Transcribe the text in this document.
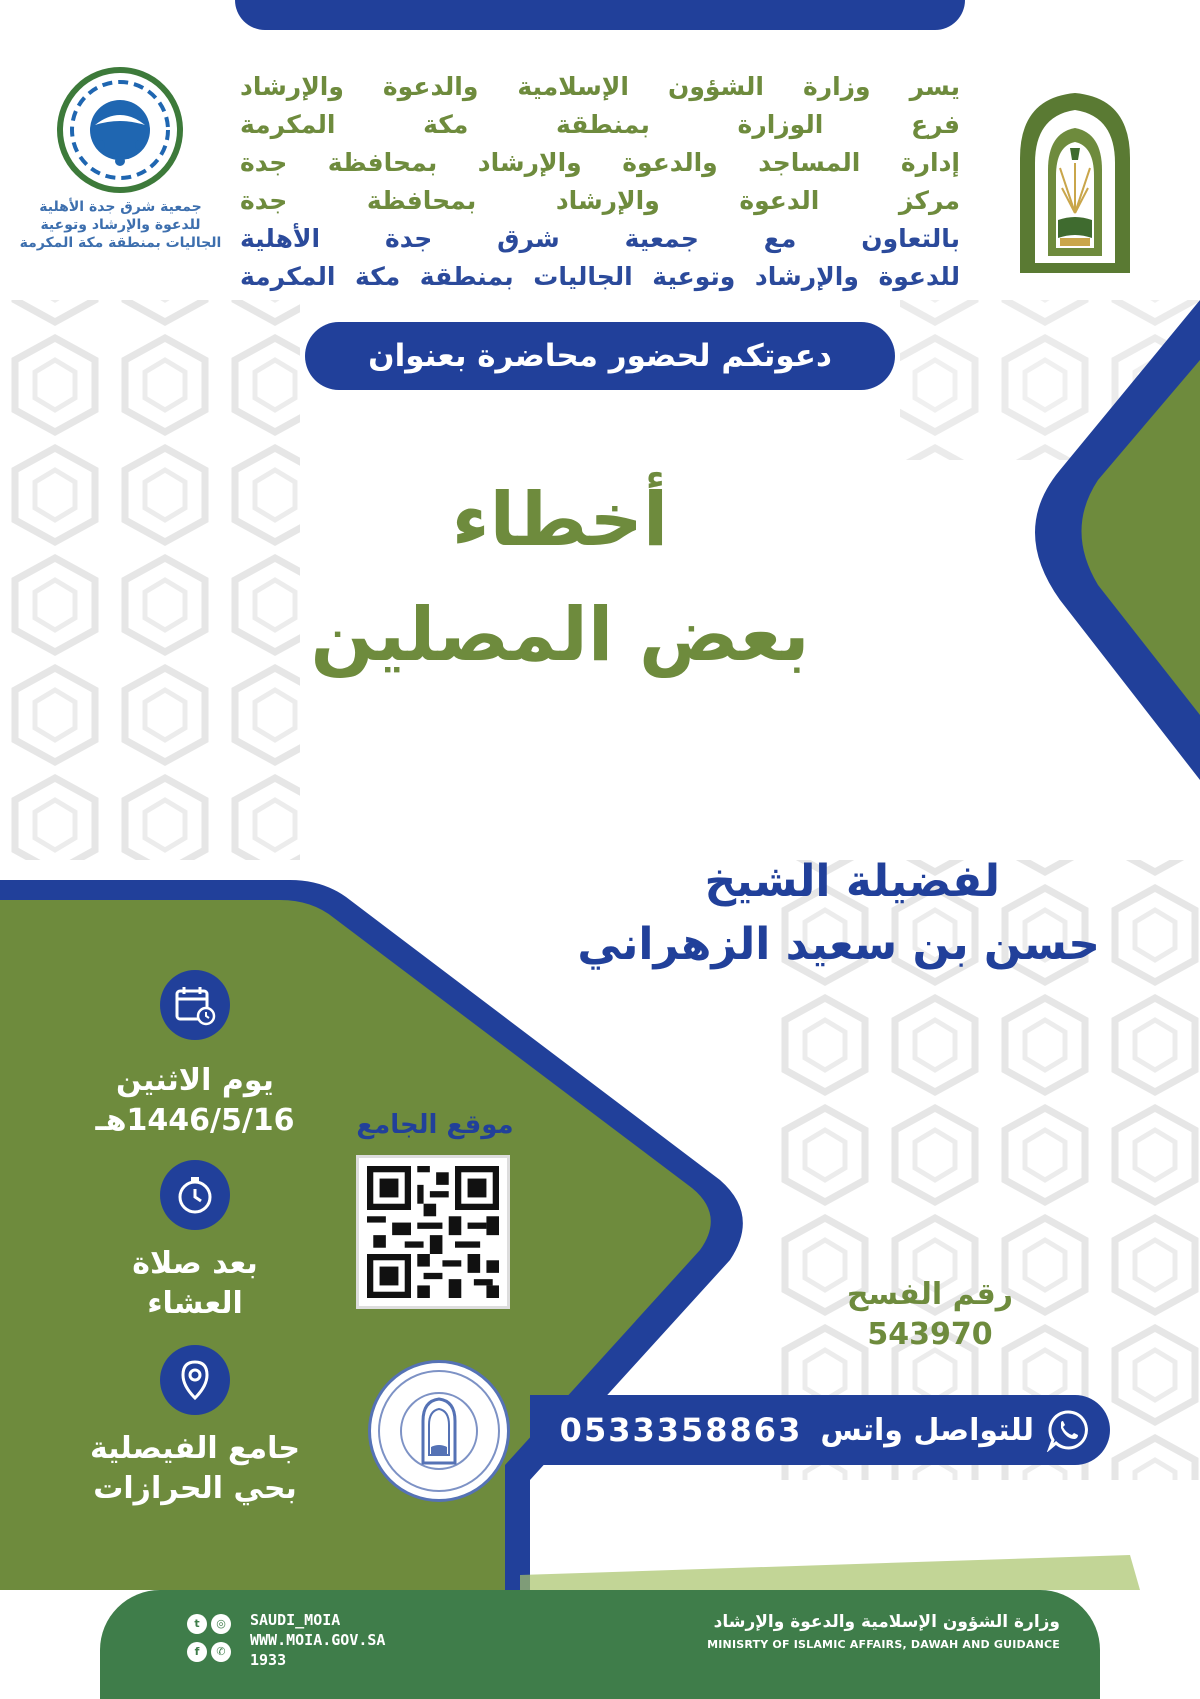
جمعية شرق جدة الأهلية للدعوة والإرشاد وتوعية الجاليات بمنطقة مكة المكرمة
يسر وزارة الشؤون الإسلامية والدعوة والإرشاد
فرع الوزارة بمنطقة مكة المكرمة
إدارة المساجد والدعوة والإرشاد بمحافظة جدة
مركز الدعوة والإرشاد بمحافظة جدة
بالتعاون مع جمعية شرق جدة الأهلية
للدعوة والإرشاد وتوعية الجاليات بمنطقة مكة المكرمة
دعوتكم لحضور محاضرة بعنوان
أخطاء
بعض المصلين
لفضيلة الشيخ
حسن بن سعيد الزهراني
يوم الاثنين
1446/5/16هـ
بعد صلاة
العشاء
جامع الفيصلية
بحي الحرازات
موقع الجامع
رقم الفسح
543970
0533358863 للتواصل واتس
t	◎

f	✆
SAUDI_MOIA
WWW.MOIA.GOV.SA
1933
وزارة الشؤون الإسلامية والدعوة والإرشاد
MINISRTY OF ISLAMIC AFFAIRS, DAWAH AND GUIDANCE
